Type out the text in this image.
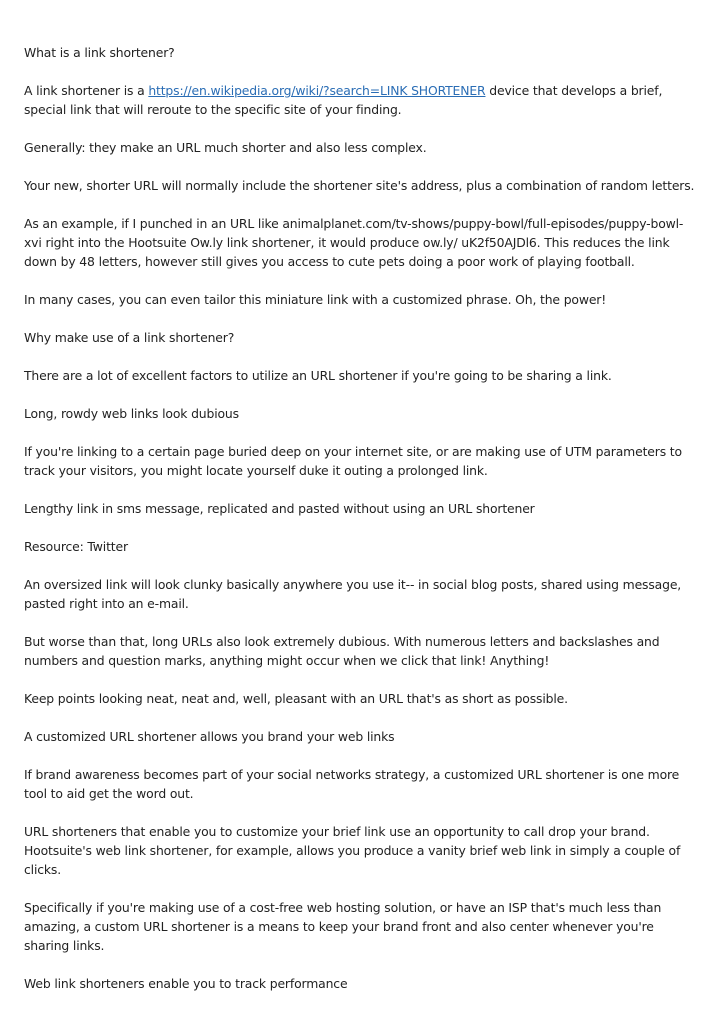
What is a link shortener?

A link shortener is a https://en.wikipedia.org/wiki/?search=LINK SHORTENER device that develops a brief, special link that will reroute to the specific site of your finding.

Generally: they make an URL much shorter and also less complex.

Your new, shorter URL will normally include the shortener site's address, plus a combination of random letters.

As an example, if I punched in an URL like animalplanet.com/tv-shows/puppy-bowl/full-episodes/puppy-bowl-xvi right into the Hootsuite Ow.ly link shortener, it would produce ow.ly/ uK2f50AJDl6. This reduces the link down by 48 letters, however still gives you access to cute pets doing a poor work of playing football.

In many cases, you can even tailor this miniature link with a customized phrase. Oh, the power!

Why make use of a link shortener?

There are a lot of excellent factors to utilize an URL shortener if you're going to be sharing a link.

Long, rowdy web links look dubious

If you're linking to a certain page buried deep on your internet site, or are making use of UTM parameters to track your visitors, you might locate yourself duke it outing a prolonged link.

Lengthy link in sms message, replicated and pasted without using an URL shortener

Resource: Twitter

An oversized link will look clunky basically anywhere you use it-- in social blog posts, shared using message, pasted right into an e-mail.

But worse than that, long URLs also look extremely dubious. With numerous letters and backslashes and numbers and question marks, anything might occur when we click that link! Anything!

Keep points looking neat, neat and, well, pleasant with an URL that's as short as possible.

A customized URL shortener allows you brand your web links

If brand awareness becomes part of your social networks strategy, a customized URL shortener is one more tool to aid get the word out.

URL shorteners that enable you to customize your brief link use an opportunity to call drop your brand. Hootsuite's web link shortener, for example, allows you produce a vanity brief web link in simply a couple of clicks.

Specifically if you're making use of a cost-free web hosting solution, or have an ISP that's much less than amazing, a custom URL shortener is a means to keep your brand front and also center whenever you're sharing links.

Web link shorteners enable you to track performance
